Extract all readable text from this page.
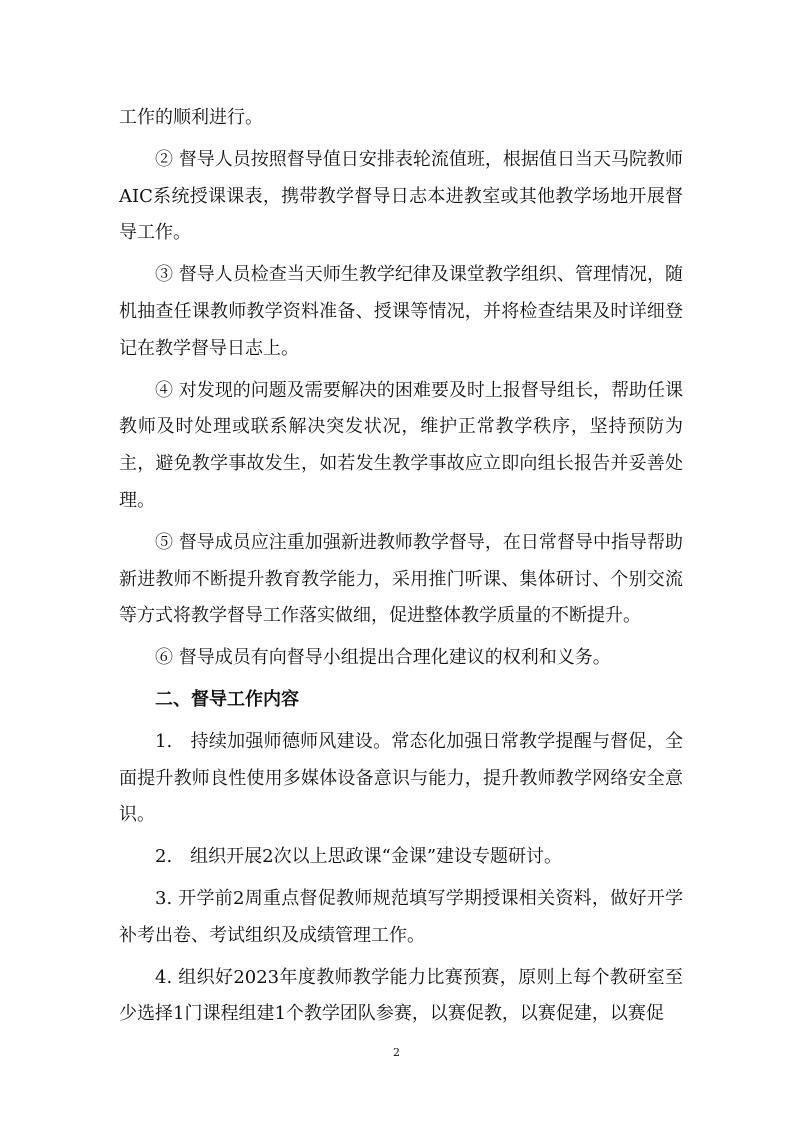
工作的顺利进行。

② 督导人员按照督导值日安排表轮流值班，根据值日当天马院教师AIC系统授课课表，携带教学督导日志本进教室或其他教学场地开展督导工作。

③ 督导人员检查当天师生教学纪律及课堂教学组织、管理情况，随机抽查任课教师教学资料准备、授课等情况，并将检查结果及时详细登记在教学督导日志上。

④ 对发现的问题及需要解决的困难要及时上报督导组长，帮助任课教师及时处理或联系解决突发状况，维护正常教学秩序，坚持预防为主，避免教学事故发生，如若发生教学事故应立即向组长报告并妥善处理。

⑤ 督导成员应注重加强新进教师教学督导，在日常督导中指导帮助新进教师不断提升教育教学能力，采用推门听课、集体研讨、个别交流等方式将教学督导工作落实做细，促进整体教学质量的不断提升。

⑥ 督导成员有向督导小组提出合理化建议的权利和义务。

二、督导工作内容

1.　持续加强师德师风建设。常态化加强日常教学提醒与督促，全面提升教师良性使用多媒体设备意识与能力，提升教师教学网络安全意识。

2.　组织开展2次以上思政课“金课”建设专题研讨。

3. 开学前2周重点督促教师规范填写学期授课相关资料，做好开学补考出卷、考试组织及成绩管理工作。

4. 组织好2023年度教师教学能力比赛预赛，原则上每个教研室至少选择1门课程组建1个教学团队参赛，以赛促教，以赛促建，以赛促

2
